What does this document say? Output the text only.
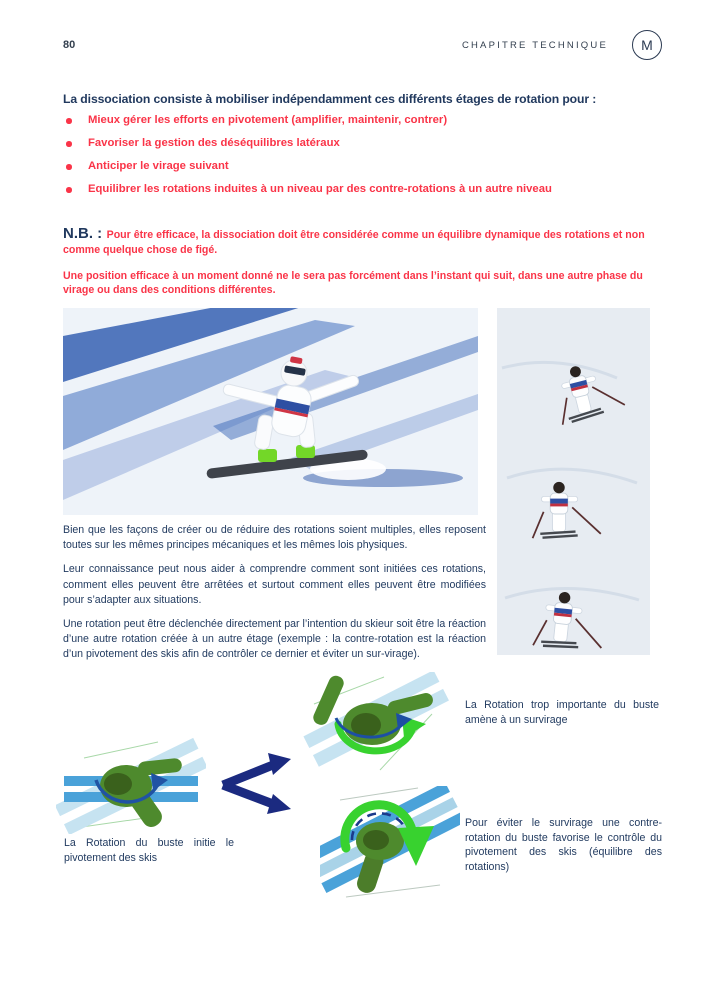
80	CHAPITRE TECHNIQUE M
La dissociation consiste à mobiliser indépendamment ces différents étages de rotation pour :
Mieux gérer les efforts en pivotement (amplifier, maintenir, contrer)
Favoriser la gestion des déséquilibres latéraux
Anticiper le virage suivant
Equilibrer les rotations induites à un niveau par des contre-rotations à un autre niveau

N.B. : Pour être efficace, la dissociation doit être considérée comme un équilibre dynamique des rotations et non comme quelque chose de figé.

Une position efficace à un moment donné ne le sera pas forcément dans l’instant qui suit, dans une autre phase du virage ou dans des conditions différentes.

Bien que les façons de créer ou de réduire des rotations soient multiples, elles reposent toutes sur les mêmes principes mécaniques et les mêmes lois physiques.

Leur connaissance peut nous aider à comprendre comment sont initiées ces rotations, comment elles peuvent être arrêtées et surtout comment elles peuvent être modifiées pour s’adapter aux situations.

Une rotation peut être déclenchée directement par l’intention du skieur soit être la réaction d’une autre rotation créée à un autre étage (exemple : la contre-rotation est la réaction d’un pivotement des skis afin de contrôler ce dernier et éviter un sur-virage).

La Rotation trop importante du buste amène à un survirage
La Rotation du buste initie le pivotement des skis
Pour éviter le survirage une contre-rotation du buste favorise le contrôle du pivotement des skis (équilibre des rotations)
